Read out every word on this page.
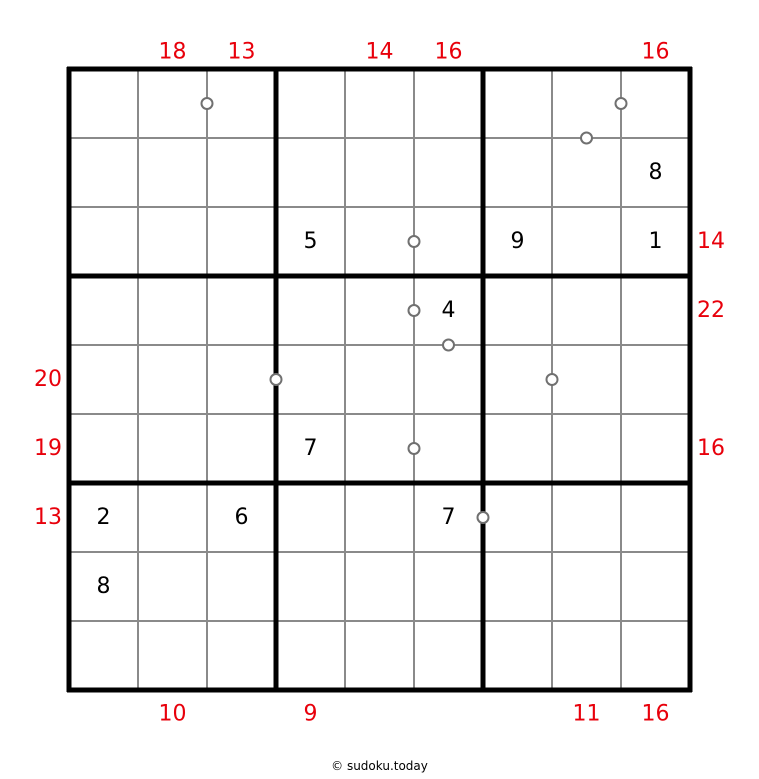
8
5	9	1
4
7
2	6	7
8
18 13	14 16	16
10	9	11 16
20
19
13
14
22
16
© sudoku.today
